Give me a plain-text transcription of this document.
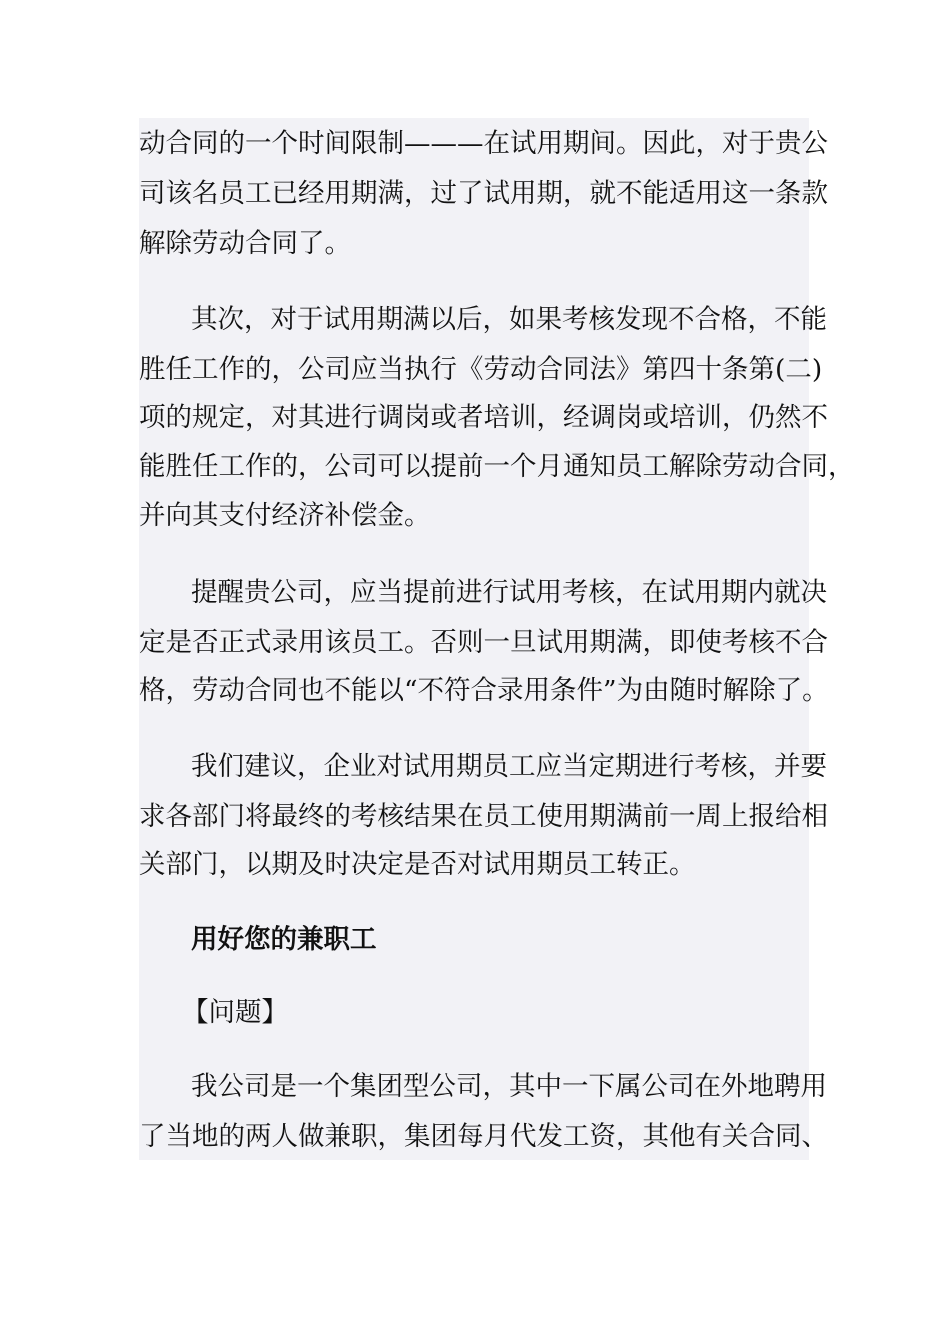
动合同的一个时间限制———在试用期间。因此，对于贵公
司该名员工已经用期满，过了试用期，就不能适用这一条款
解除劳动合同了。
其次，对于试用期满以后，如果考核发现不合格，不能
胜任工作的，公司应当执行《劳动合同法》第四十条第(二)
项的规定，对其进行调岗或者培训，经调岗或培训，仍然不
能胜任工作的，公司可以提前一个月通知员工解除劳动合同，
并向其支付经济补偿金。
提醒贵公司，应当提前进行试用考核，在试用期内就决
定是否正式录用该员工。否则一旦试用期满，即使考核不合
格，劳动合同也不能以“不符合录用条件”为由随时解除了。
我们建议，企业对试用期员工应当定期进行考核，并要
求各部门将最终的考核结果在员工使用期满前一周上报给相
关部门，以期及时决定是否对试用期员工转正。
用好您的兼职工
【问题】
我公司是一个集团型公司，其中一下属公司在外地聘用
了当地的两人做兼职，集团每月代发工资，其他有关合同、
